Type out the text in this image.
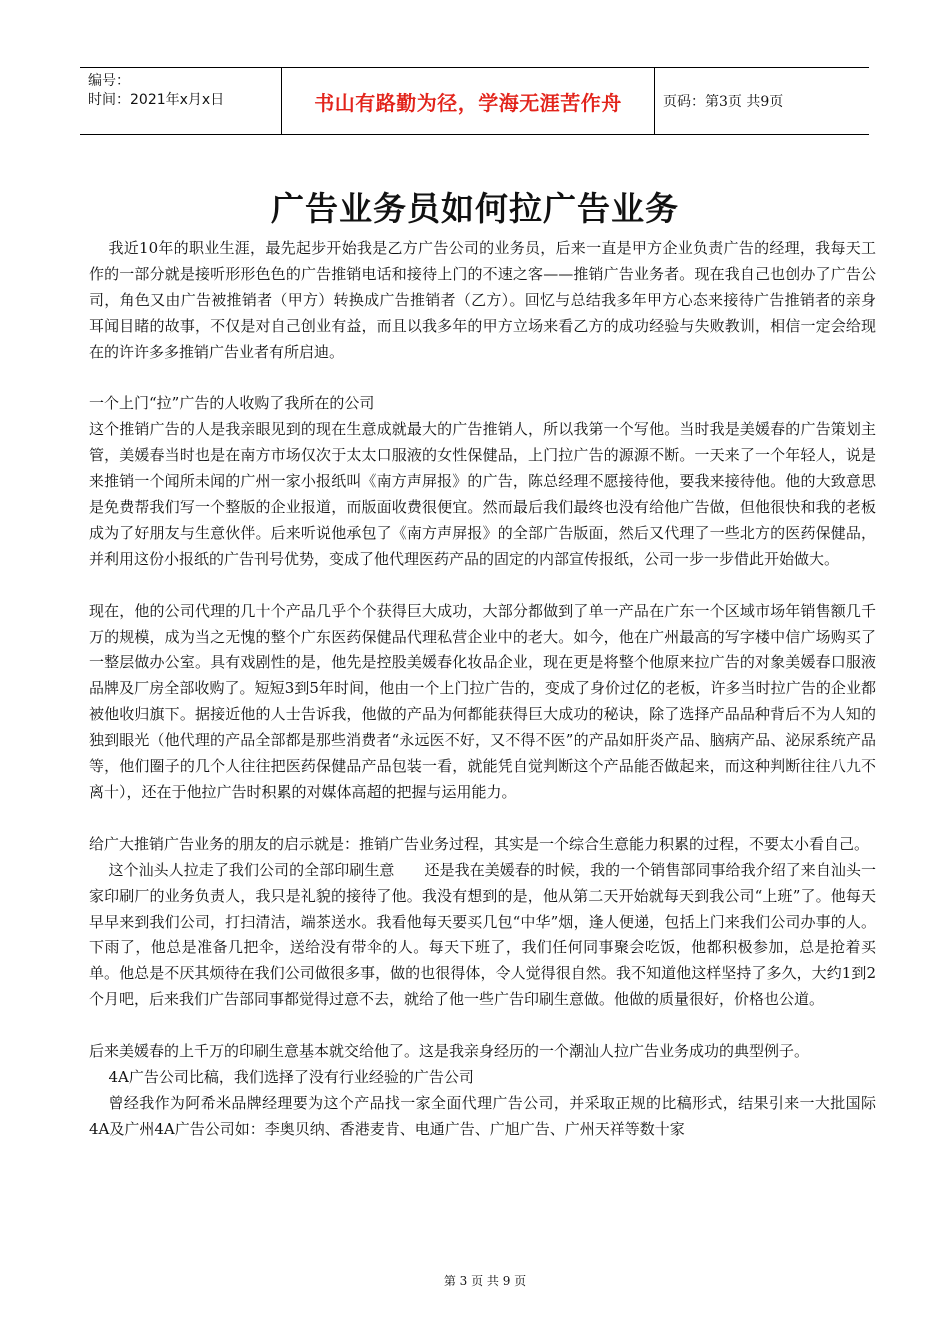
编号：
时间：2021年x月x日	书山有路勤为径，学海无涯苦作舟	页码：第3页 共9页
广告业务员如何拉广告业务

我近10年的职业生涯，最先起步开始我是乙方广告公司的业务员，后来一直是甲方企业负责广告的经理，我每天工作的一部分就是接听形形色色的广告推销电话和接待上门的不速之客——推销广告业务者。现在我自己也创办了广告公司，角色又由广告被推销者（甲方）转换成广告推销者（乙方）。回忆与总结我多年甲方心态来接待广告推销者的亲身耳闻目睹的故事，不仅是对自己创业有益，而且以我多年的甲方立场来看乙方的成功经验与失败教训，相信一定会给现在的许许多多推销广告业者有所启迪。

一个上门“拉”广告的人收购了我所在的公司

这个推销广告的人是我亲眼见到的现在生意成就最大的广告推销人，所以我第一个写他。当时我是美媛春的广告策划主管，美媛春当时也是在南方市场仅次于太太口服液的女性保健品，上门拉广告的源源不断。一天来了一个年轻人，说是来推销一个闻所未闻的广州一家小报纸叫《南方声屏报》的广告，陈总经理不愿接待他，要我来接待他。他的大致意思是免费帮我们写一个整版的企业报道，而版面收费很便宜。然而最后我们最终也没有给他广告做，但他很快和我的老板成为了好朋友与生意伙伴。后来听说他承包了《南方声屏报》的全部广告版面，然后又代理了一些北方的医药保健品，并利用这份小报纸的广告刊号优势，变成了他代理医药产品的固定的内部宣传报纸，公司一步一步借此开始做大。

现在，他的公司代理的几十个产品几乎个个获得巨大成功，大部分都做到了单一产品在广东一个区域市场年销售额几千万的规模，成为当之无愧的整个广东医药保健品代理私营企业中的老大。如今，他在广州最高的写字楼中信广场购买了一整层做办公室。具有戏剧性的是，他先是控股美媛春化妆品企业，现在更是将整个他原来拉广告的对象美媛春口服液品牌及厂房全部收购了。短短3到5年时间，他由一个上门拉广告的，变成了身价过亿的老板，许多当时拉广告的企业都被他收归旗下。据接近他的人士告诉我，他做的产品为何都能获得巨大成功的秘诀，除了选择产品品种背后不为人知的独到眼光（他代理的产品全部都是那些消费者“永远医不好，又不得不医”的产品如肝炎产品、脑病产品、泌尿系统产品等，他们圈子的几个人往往把医药保健品产品包装一看，就能凭自觉判断这个产品能否做起来，而这种判断往往八九不离十），还在于他拉广告时积累的对媒体高超的把握与运用能力。

给广大推销广告业务的朋友的启示就是：推销广告业务过程，其实是一个综合生意能力积累的过程，不要太小看自己。

这个汕头人拉走了我们公司的全部印刷生意　　还是我在美媛春的时候，我的一个销售部同事给我介绍了来自汕头一家印刷厂的业务负责人，我只是礼貌的接待了他。我没有想到的是，他从第二天开始就每天到我公司“上班”了。他每天早早来到我们公司，打扫清洁，端茶送水。我看他每天要买几包“中华”烟，逢人便递，包括上门来我们公司办事的人。下雨了，他总是准备几把伞，送给没有带伞的人。每天下班了，我们任何同事聚会吃饭，他都积极参加，总是抢着买单。他总是不厌其烦待在我们公司做很多事，做的也很得体，令人觉得很自然。我不知道他这样坚持了多久，大约1到2个月吧，后来我们广告部同事都觉得过意不去，就给了他一些广告印刷生意做。他做的质量很好，价格也公道。

后来美媛春的上千万的印刷生意基本就交给他了。这是我亲身经历的一个潮汕人拉广告业务成功的典型例子。

4A广告公司比稿，我们选择了没有行业经验的广告公司

曾经我作为阿希米品牌经理要为这个产品找一家全面代理广告公司，并采取正规的比稿形式，结果引来一大批国际4A及广州4A广告公司如：李奥贝纳、香港麦肯、电通广告、广旭广告、广州天祥等数十家

第 3 页 共 9 页
